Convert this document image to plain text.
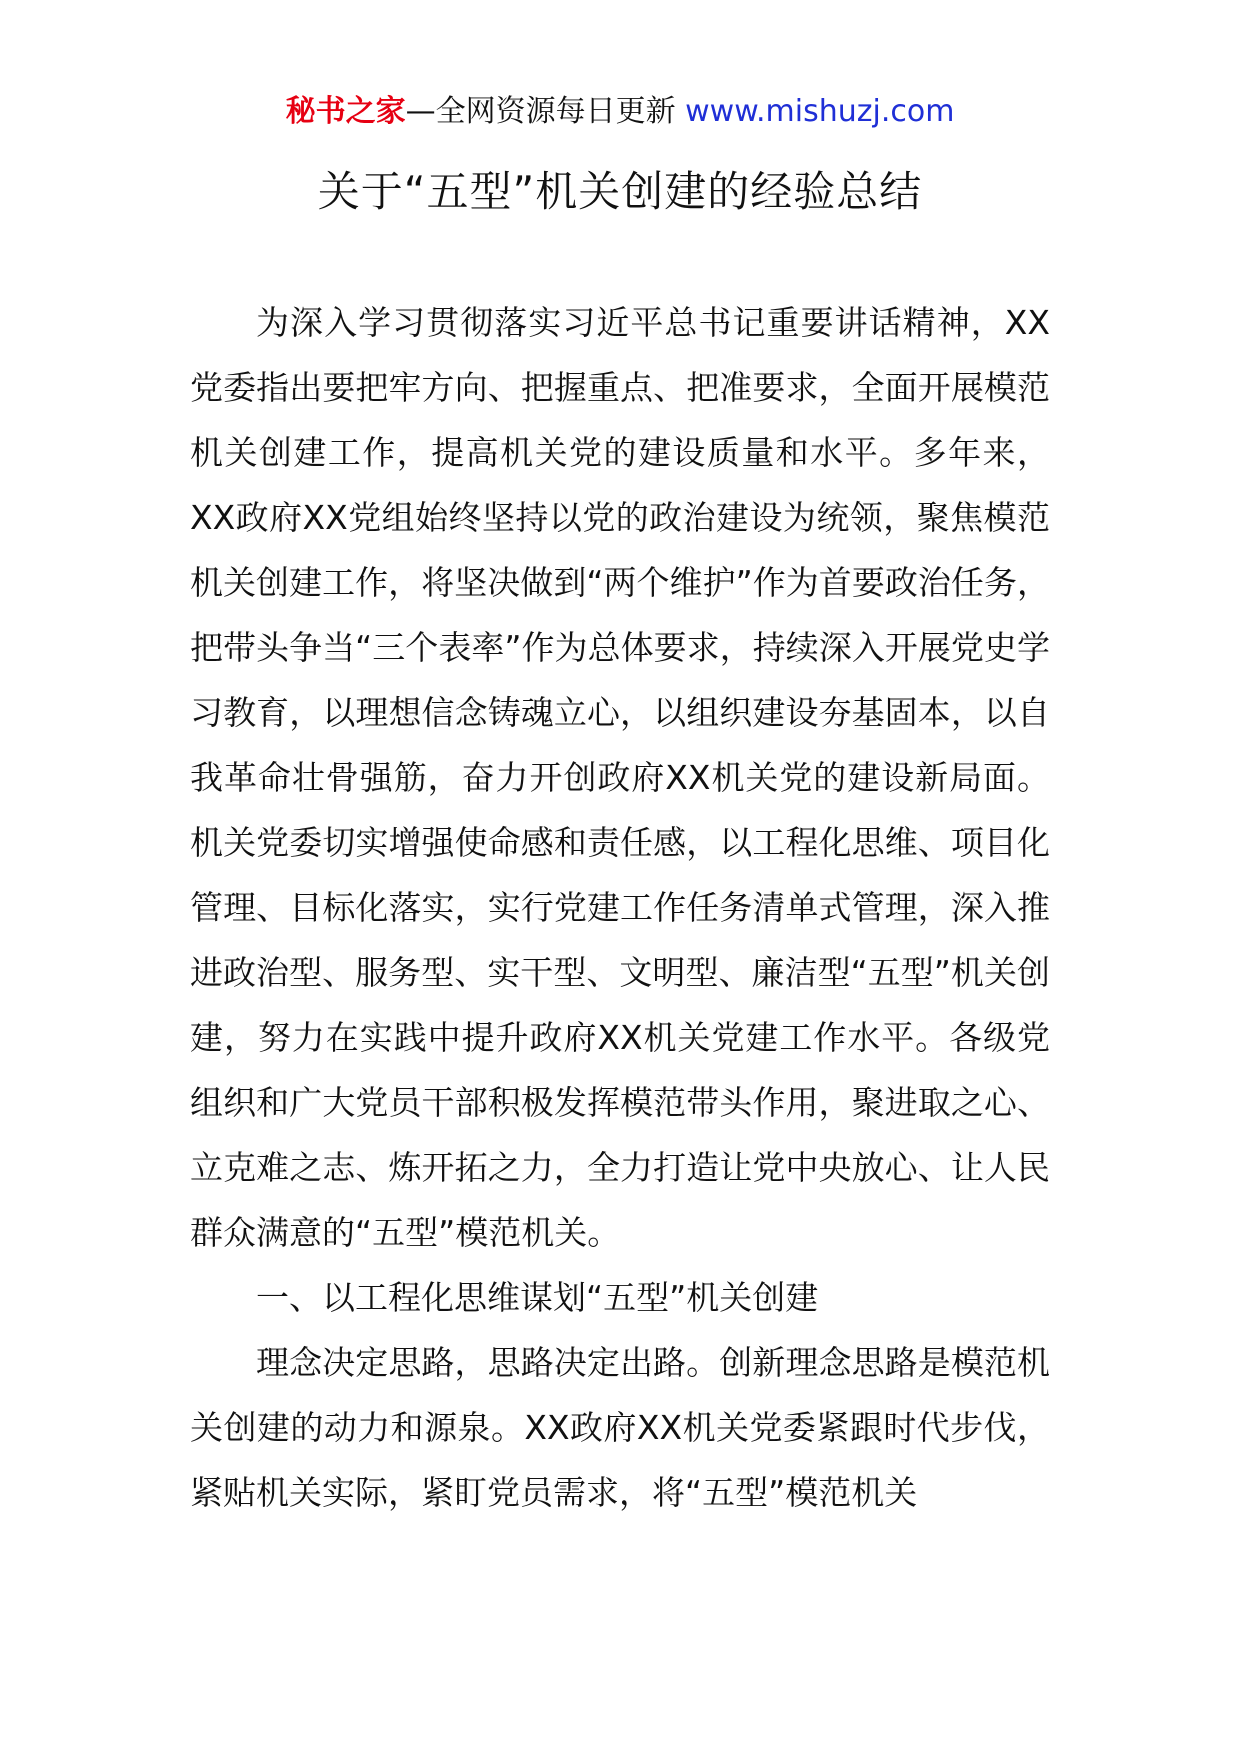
秘书之家—全网资源每日更新 www.mishuzj.com
关于“五型”机关创建的经验总结

为深入学习贯彻落实习近平总书记重要讲话精神，XX党委指出要把牢方向、把握重点、把准要求，全面开展模范机关创建工作，提高机关党的建设质量和水平。多年来，XX政府XX党组始终坚持以党的政治建设为统领，聚焦模范机关创建工作，将坚决做到“两个维护”作为首要政治任务，把带头争当“三个表率”作为总体要求，持续深入开展党史学习教育，以理想信念铸魂立心，以组织建设夯基固本，以自我革命壮骨强筋，奋力开创政府XX机关党的建设新局面。机关党委切实增强使命感和责任感，以工程化思维、项目化管理、目标化落实，实行党建工作任务清单式管理，深入推进政治型、服务型、实干型、文明型、廉洁型“五型”机关创建，努力在实践中提升政府XX机关党建工作水平。各级党组织和广大党员干部积极发挥模范带头作用，聚进取之心、立克难之志、炼开拓之力，全力打造让党中央放心、让人民群众满意的“五型”模范机关。

一、以工程化思维谋划“五型”机关创建

理念决定思路，思路决定出路。创新理念思路是模范机关创建的动力和源泉。XX政府XX机关党委紧跟时代步伐，紧贴机关实际，紧盯党员需求，将“五型”模范机关
